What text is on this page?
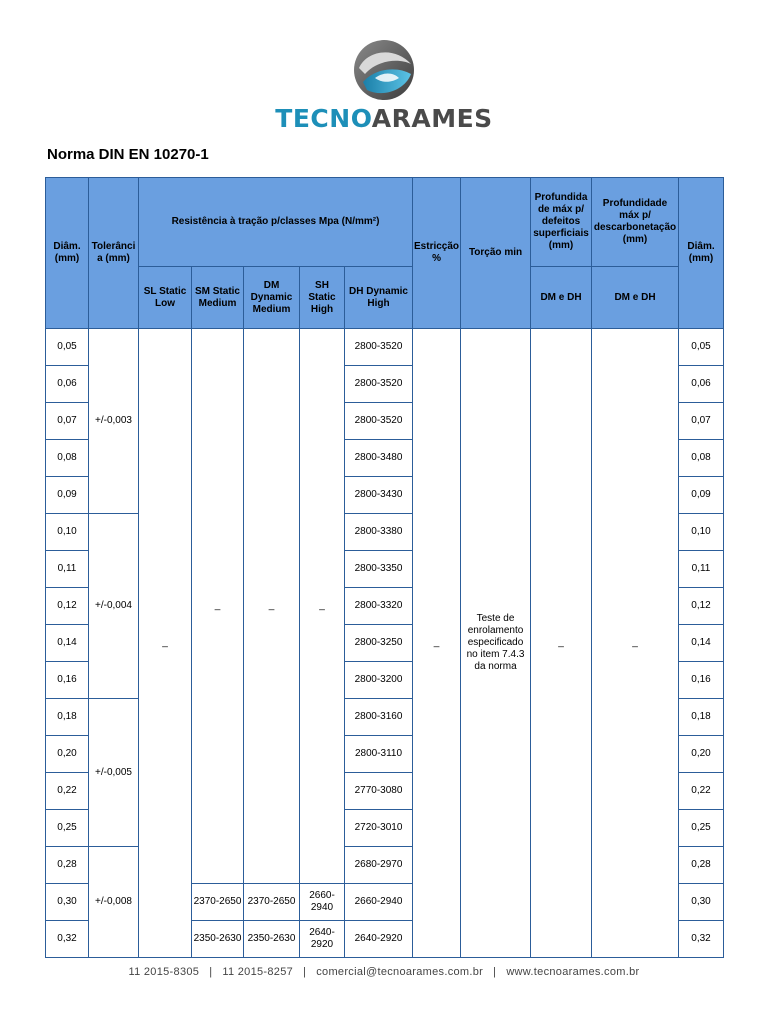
TECNOARAMES
Norma DIN EN 10270-1
Diâm. (mm)	Tolerânci a (mm)	Resistência à tração p/classes Mpa (N/mm²)					Estricção %	Torção min	Profundida de máx p/ defeitos superficiais (mm)	Profundidade máx p/ descarbonetação (mm)	Diâm. (mm)

		SL Static Low	SM Static Medium	DM Dynamic Medium	SH Static High	DH Dynamic High			DM e DH	DM e DH	
0,05	+/-0,003	_	_	_	_	2800-3520	_	Teste de enrolamento especificado no item 7.4.3 da norma	_	_	0,05
0,06						2800-3520					0,06
0,07						2800-3520					0,07
0,08						2800-3480					0,08
0,09						2800-3430					0,09
0,10	+/-0,004					2800-3380					0,10
0,11						2800-3350					0,11
0,12						2800-3320					0,12
0,14						2800-3250					0,14
0,16						2800-3200					0,16
0,18	+/-0,005					2800-3160					0,18
0,20						2800-3110					0,20
0,22						2770-3080					0,22
0,25						2720-3010					0,25
0,28	+/-0,008					2680-2970					0,28
0,30			2370-2650	2370-2650	2660-2940	2660-2940					0,30
0,32			2350-2630	2350-2630	2640-2920	2640-2920					0,32
11 2015-8305 | 11 2015-8257 | comercial@tecnoarames.com.br | www.tecnoarames.com.br
